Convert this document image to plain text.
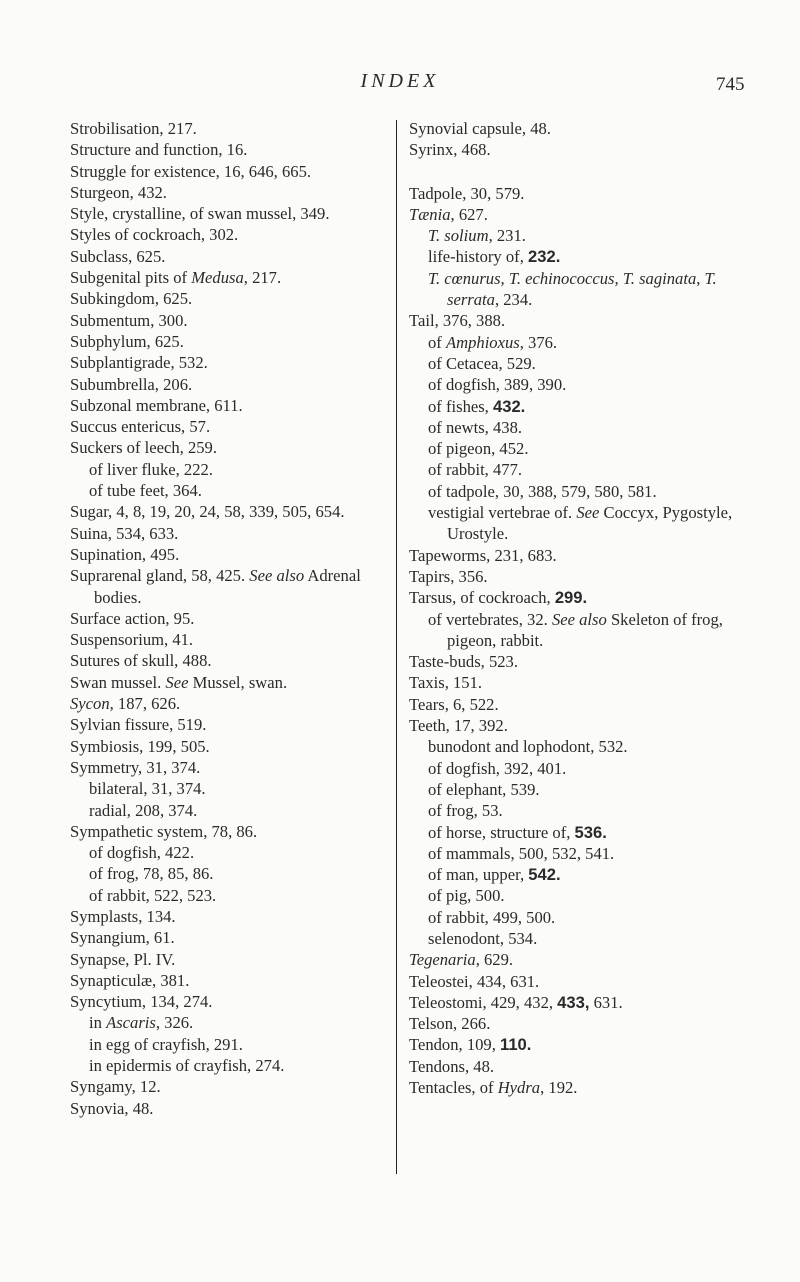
INDEX	745

Strobilisation, 217.

Structure and function, 16.

Struggle for existence, 16, 646, 665.

Sturgeon, 432.

Style, crystalline, of swan mussel, 349.

Styles of cockroach, 302.

Subclass, 625.

Subgenital pits of Medusa, 217.

Subkingdom, 625.

Submentum, 300.

Subphylum, 625.

Subplantigrade, 532.

Subumbrella, 206.

Subzonal membrane, 611.

Succus entericus, 57.

Suckers of leech, 259.

of liver fluke, 222.

of tube feet, 364.

Sugar, 4, 8, 19, 20, 24, 58, 339, 505, 654.

Suina, 534, 633.

Supination, 495.

Suprarenal gland, 58, 425. See also Adrenal bodies.

Surface action, 95.

Suspensorium, 41.

Sutures of skull, 488.

Swan mussel. See Mussel, swan.

Sycon, 187, 626.

Sylvian fissure, 519.

Symbiosis, 199, 505.

Symmetry, 31, 374.

bilateral, 31, 374.

radial, 208, 374.

Sympathetic system, 78, 86.

of dogfish, 422.

of frog, 78, 85, 86.

of rabbit, 522, 523.

Symplasts, 134.

Synangium, 61.

Synapse, Pl. IV.

Synapticulæ, 381.

Syncytium, 134, 274.

in Ascaris, 326.

in egg of crayfish, 291.

in epidermis of crayfish, 274.

Syngamy, 12.

Synovia, 48.

Synovial capsule, 48.

Syrinx, 468.

Tadpole, 30, 579.

Tænia, 627.

T. solium, 231.

life-history of, 232.

T. cœnurus, T. echinococcus, T. saginata, T. serrata, 234.

Tail, 376, 388.

of Amphioxus, 376.

of Cetacea, 529.

of dogfish, 389, 390.

of fishes, 432.

of newts, 438.

of pigeon, 452.

of rabbit, 477.

of tadpole, 30, 388, 579, 580, 581.

vestigial vertebrae of. See Coccyx, Pygostyle, Urostyle.

Tapeworms, 231, 683.

Tapirs, 356.

Tarsus, of cockroach, 299.

of vertebrates, 32. See also Skeleton of frog, pigeon, rabbit.

Taste-buds, 523.

Taxis, 151.

Tears, 6, 522.

Teeth, 17, 392.

bunodont and lophodont, 532.

of dogfish, 392, 401.

of elephant, 539.

of frog, 53.

of horse, structure of, 536.

of mammals, 500, 532, 541.

of man, upper, 542.

of pig, 500.

of rabbit, 499, 500.

selenodont, 534.

Tegenaria, 629.

Teleostei, 434, 631.

Teleostomi, 429, 432, 433, 631.

Telson, 266.

Tendon, 109, 110.

Tendons, 48.

Tentacles, of Hydra, 192.
